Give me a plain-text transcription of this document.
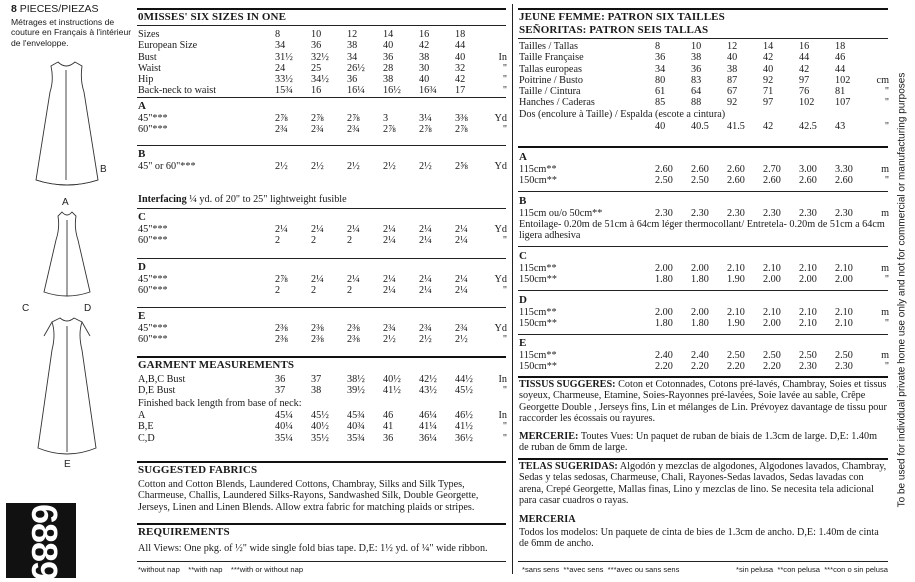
8 PIECES/PIEZAS
Métrages et instructions de couture en Français à l'intérieur de l'enveloppe.
B
A
C	D
E
6889
0MISSES' SIX SIZES IN ONE
Sizes	8	10	12	14	16	18	
European Size	34	36	38	40	42	44	
Bust	31½	32½	34	36	38	40	In
Waist	24	25	26½	28	30	32	"
Hip	33½	34½	36	38	40	42	"
Back-neck to waist	15¾	16	16¼	16½	16¾	17	"
A
45"***	2⅞	2⅞	2⅞	3	3¼	3⅜	Yd
60"***	2¾	2¾	2¾	2⅞	2⅞	2⅞	"
B
45" or 60"***	2½	2½	2½	2½	2½	2⅝	Yd
Interfacing ¼ yd. of 20" to 25" lightweight fusible
C
45"***	2¼	2¼	2¼	2¼	2¼	2¼	Yd
60"***	2	2	2	2¼	2¼	2¼	"
D
45"***	2⅞	2¼	2¼	2¼	2¼	2¼	Yd
60"***	2	2	2	2¼	2¼	2¼	"
E
45"***	2⅜	2⅜	2⅜	2¾	2¾	2¾	Yd
60"***	2⅜	2⅜	2⅜	2½	2½	2½	"
GARMENT MEASUREMENTS
A,B,C Bust	36	37	38½	40½	42½	44½	In
D,E Bust	37	38	39½	41½	43½	45½	"
Finished back length from base of neck:
A	45¼	45½	45¾	46	46¼	46½	In
B,E	40¼	40½	40¾	41	41¼	41½	"
C,D	35¼	35½	35¾	36	36¼	36½	"
SUGGESTED FABRICS
Cotton and Cotton Blends, Laundered Cottons, Chambray, Silks and Silk Types, Charmeuse, Challis, Laundered Silks-Rayons, Sandwashed Silk, Double Georgette, Jerseys, Linen and Linen Blends. Allow extra fabric for matching plaids or stripes.
REQUIREMENTS
All Views: One pkg. of ½" wide single fold bias tape. D,E: 1½ yd. of ¼" wide ribbon.
*without nap    **with nap    ***with or without nap
JEUNE FEMME: PATRON SIX TAILLES
SEÑORITAS: PATRON SEIS TALLAS
Tailles / Tallas	8	10	12	14	16	18	
Taille Française	36	38	40	42	44	46	
Tallas europeas	34	36	38	40	42	44	
Poitrine / Busto	80	83	87	92	97	102	cm
Taille / Cintura	61	64	67	71	76	81	"
Hanches / Caderas	85	88	92	97	102	107	"
Dos (encolure à Taille) / Espalda (escote a cintura)
	40	40.5	41.5	42	42.5	43	"
A
115cm**	2.60	2.60	2.60	2.70	3.00	3.30	m
150cm**	2.50	2.50	2.60	2.60	2.60	2.60	"
B
115cm ou/o 50cm**	2.30	2.30	2.30	2.30	2.30	2.30	m
Entoilage- 0.20m de 51cm à 64cm léger thermocollant/ Entretela- 0.20m de 51cm a 64cm ligera adhesiva
C
115cm**	2.00	2.00	2.10	2.10	2.10	2.10	m
150cm**	1.80	1.80	1.90	2.00	2.00	2.00	"
D
115cm**	2.00	2.00	2.10	2.10	2.10	2.10	m
150cm**	1.80	1.80	1.90	2.00	2.10	2.10	"
E
115cm**	2.40	2.40	2.50	2.50	2.50	2.50	m
150cm**	2.20	2.20	2.20	2.20	2.30	2.30	"
TISSUS SUGGERES: Coton et Cotonnades, Cotons pré-lavés, Chambray, Soies et tissus soyeux, Charmeuse, Etamine, Soies-Rayonnes pré-lavées, Soie lavée au sable, Crêpe Georgette Double , Jerseys fins, Lin et mélanges de Lin. Prévoyez davantage de tissu pour raccorder les écossais ou rayures.
MERCERIE: Toutes Vues: Un paquet de ruban de biais de 1.3cm de large. D,E: 1.40m de ruban de 6mm de large.
TELAS SUGERIDAS: Algodón y mezclas de algodones, Algodones lavados, Chambray, Sedas y telas sedosas, Charmeuse, Chali, Rayones-Sedas lavados, Sedas lavadas con arena, Crepé Georgette, Mallas finas, Lino y mezclas de lino. Se necesita tela adicional para casar cuadros o rayas.
MERCERIA
Todos los modelos: Un paquete de cinta de bies de 1.3cm de ancho. D,E: 1.40m de cinta de 6mm de ancho.
*sans sens  **avec sens  ***avec ou sans sens	*sin pelusa  **con pelusa  ***con o sin pelusa
To be used for individual private home use only and not for commercial or manufacturing purposes
